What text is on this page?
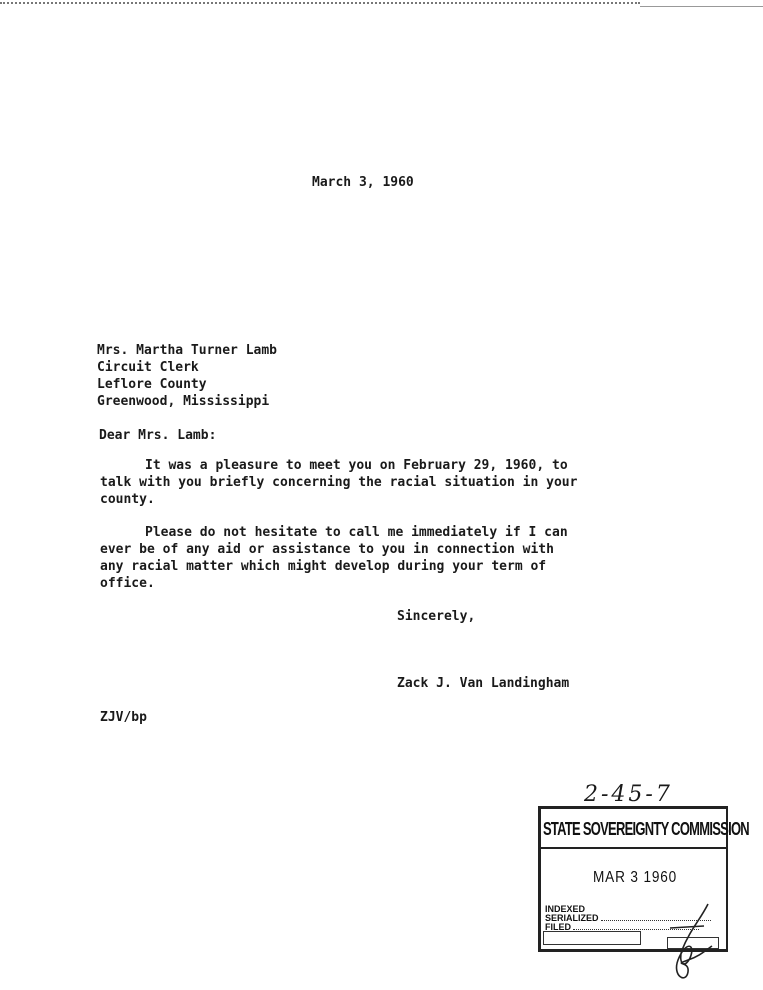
March 3, 1960
Mrs. Martha Turner Lamb
Circuit Clerk
Leflore County
Greenwood, Mississippi
Dear Mrs. Lamb:
It was a pleasure to meet you on February 29, 1960, to
talk with you briefly concerning the racial situation in your
county.
Please do not hesitate to call me immediately if I can
ever be of any aid or assistance to you in connection with
any racial matter which might develop during your term of
office.
Sincerely,
Zack J. Van Landingham
ZJV/bp
2-45-7
STATE SOVEREIGNTY COMMISSION
MAR 3 1960
INDEXED
SERIALIZED
FILED
